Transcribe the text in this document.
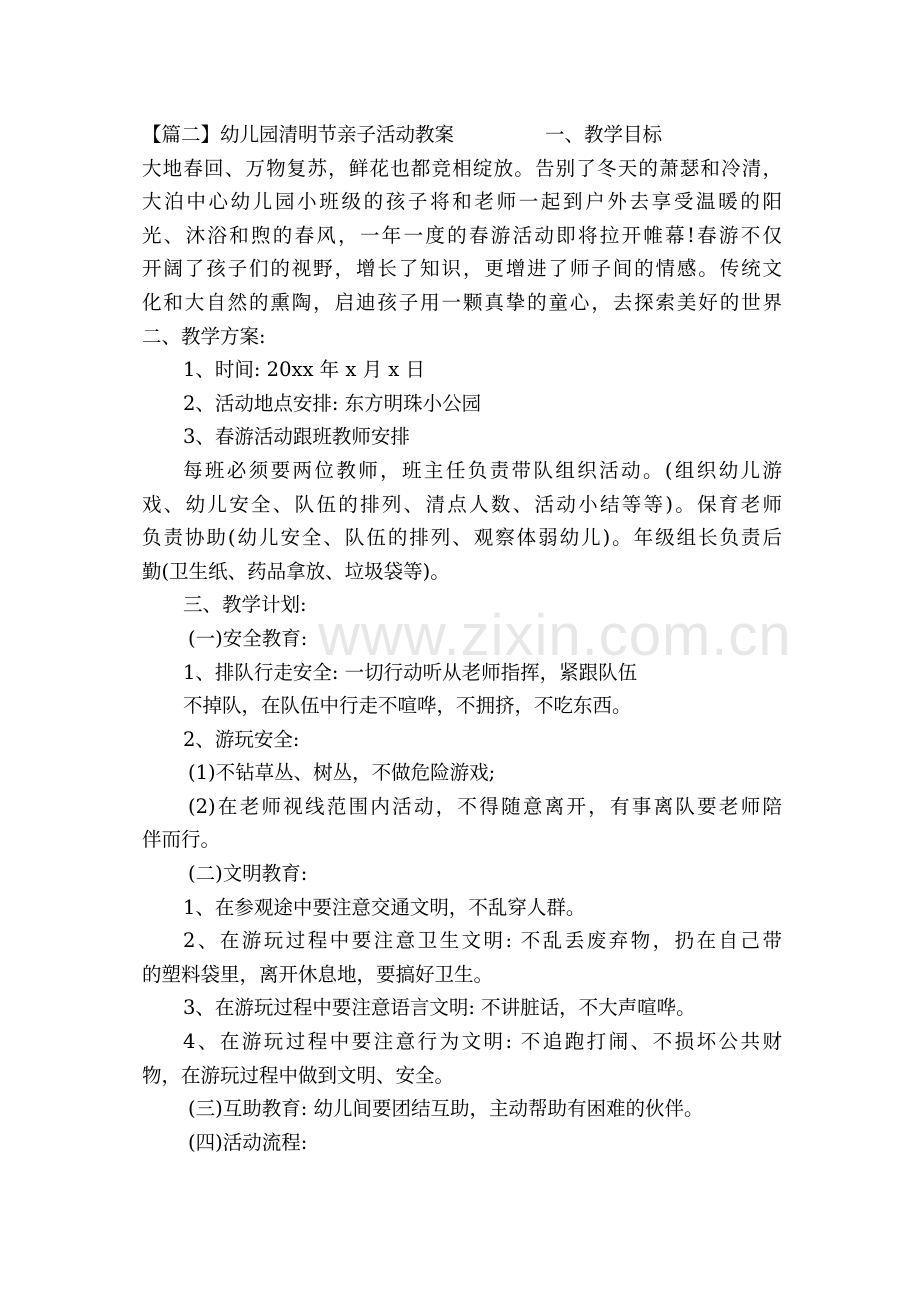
【篇二】幼儿园清明节亲子活动教案	一、教学目标
大地春回、万物复苏，鲜花也都竞相绽放。告别了冬天的萧瑟和冷清，
大泊中心幼儿园小班级的孩子将和老师一起到户外去享受温暖的阳
光、沐浴和煦的春风，一年一度的春游活动即将拉开帷幕!春游不仅
开阔了孩子们的视野，增长了知识，更增进了师子间的情感。传统文
化和大自然的熏陶，启迪孩子用一颗真挚的童心，去探索美好的世界
二、教学方案:
1、时间: 20xx 年 x 月 x 日
2、活动地点安排: 东方明珠小公园
3、春游活动跟班教师安排
每班必须要两位教师，班主任负责带队组织活动。(组织幼儿游
戏、幼儿安全、队伍的排列、清点人数、活动小结等等)。保育老师
负责协助(幼儿安全、队伍的排列、观察体弱幼儿)。年级组长负责后
勤(卫生纸、药品拿放、垃圾袋等)。
三、教学计划:
(一)安全教育:
1、排队行走安全: 一切行动听从老师指挥，紧跟队伍
不掉队，在队伍中行走不喧哗，不拥挤，不吃东西。
2、游玩安全:
(1)不钻草丛、树丛，不做危险游戏;
(2)在老师视线范围内活动，不得随意离开，有事离队要老师陪
伴而行。
(二)文明教育:
1、在参观途中要注意交通文明，不乱穿人群。
2、在游玩过程中要注意卫生文明: 不乱丢废弃物，扔在自己带
的塑料袋里，离开休息地，要搞好卫生。
3、在游玩过程中要注意语言文明: 不讲脏话，不大声喧哗。
4、在游玩过程中要注意行为文明: 不追跑打闹、不损坏公共财
物，在游玩过程中做到文明、安全。
(三)互助教育: 幼儿间要团结互助，主动帮助有困难的伙伴。
(四)活动流程:
www.zixin.com.cn
